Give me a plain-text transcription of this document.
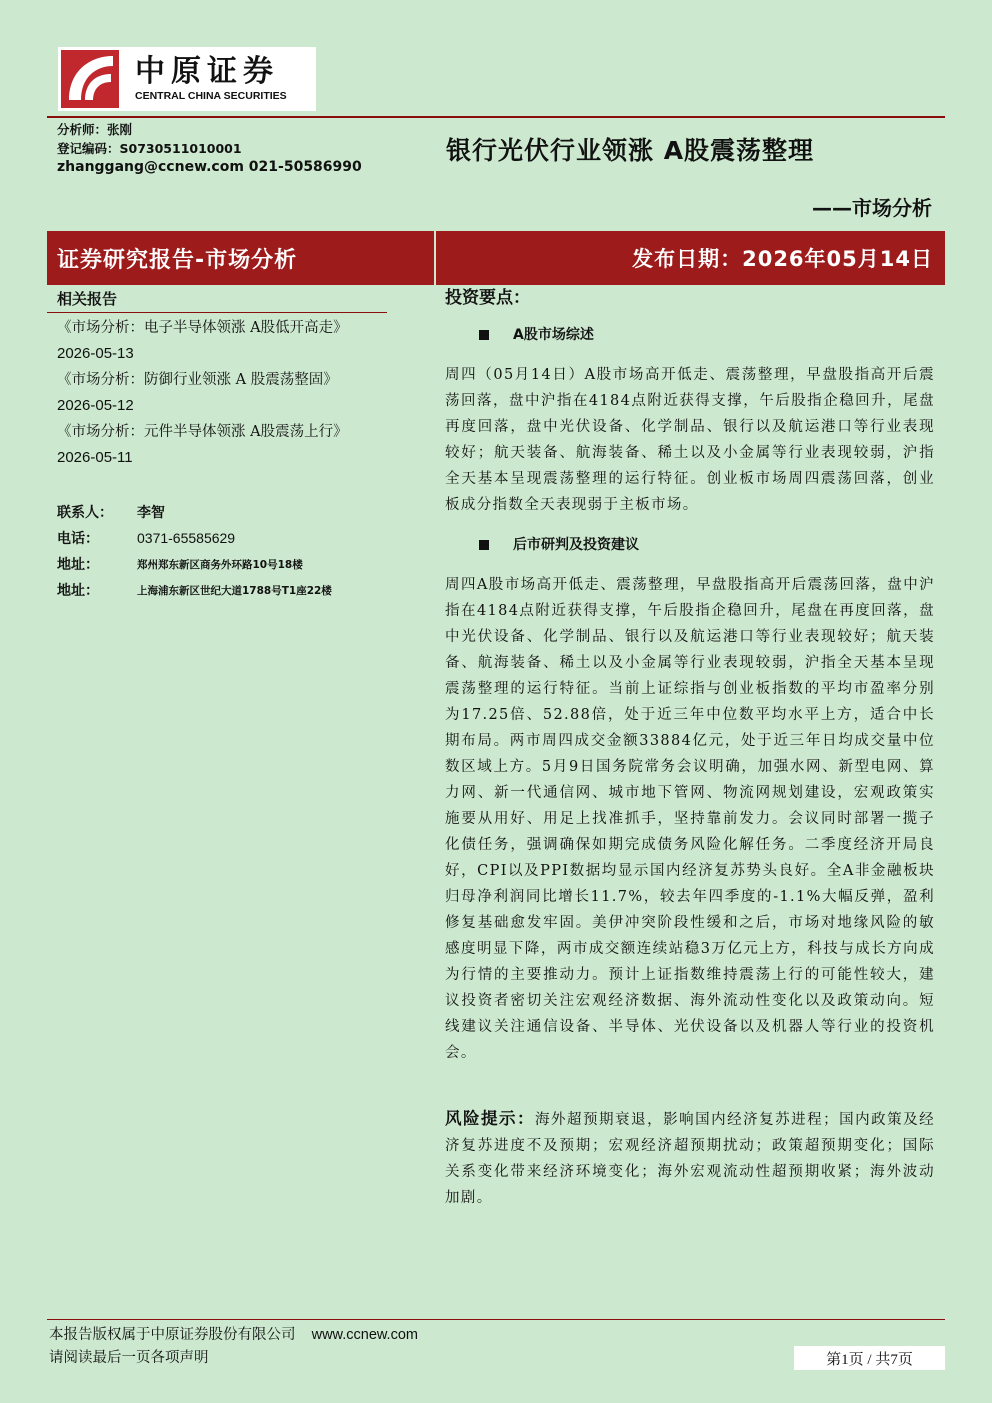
中原证券
CENTRAL CHINA SECURITIES
分析师：张刚
登记编码：S0730511010001
zhanggang@ccnew.com 021-50586990
银行光伏行业领涨 A股震荡整理
——市场分析
证券研究报告-市场分析	发布日期：2026年05月14日
相关报告
《市场分析：电子半导体领涨 A股低开高走》
2026-05-13
《市场分析：防御行业领涨 A 股震荡整固》
2026-05-12
《市场分析：元件半导体领涨 A股震荡上行》
2026-05-11
联系人：	李智
电话：	0371-65585629
地址：	郑州郑东新区商务外环路10号18楼
地址：	上海浦东新区世纪大道1788号T1座22楼
投资要点：
A股市场综述

周四（05月14日）A股市场高开低走、震荡整理，早盘股指高开后震荡回落，盘中沪指在4184点附近获得支撑，午后股指企稳回升，尾盘再度回落，盘中光伏设备、化学制品、银行以及航运港口等行业表现较好；航天装备、航海装备、稀土以及小金属等行业表现较弱，沪指全天基本呈现震荡整理的运行特征。创业板市场周四震荡回落，创业板成分指数全天表现弱于主板市场。

后市研判及投资建议

周四A股市场高开低走、震荡整理，早盘股指高开后震荡回落，盘中沪指在4184点附近获得支撑，午后股指企稳回升，尾盘在再度回落，盘中光伏设备、化学制品、银行以及航运港口等行业表现较好；航天装备、航海装备、稀土以及小金属等行业表现较弱，沪指全天基本呈现震荡整理的运行特征。当前上证综指与创业板指数的平均市盈率分别为17.25倍、52.88倍，处于近三年中位数平均水平上方，适合中长期布局。两市周四成交金额33884亿元，处于近三年日均成交量中位数区域上方。5月9日国务院常务会议明确，加强水网、新型电网、算力网、新一代通信网、城市地下管网、物流网规划建设，宏观政策实施要从用好、用足上找准抓手，坚持靠前发力。会议同时部署一揽子化债任务，强调确保如期完成债务风险化解任务。二季度经济开局良好，CPI以及PPI数据均显示国内经济复苏势头良好。全A非金融板块归母净利润同比增长11.7%，较去年四季度的-1.1%大幅反弹，盈利修复基础愈发牢固。美伊冲突阶段性缓和之后，市场对地缘风险的敏感度明显下降，两市成交额连续站稳3万亿元上方，科技与成长方向成为行情的主要推动力。预计上证指数维持震荡上行的可能性较大，建议投资者密切关注宏观经济数据、海外流动性变化以及政策动向。短线建议关注通信设备、半导体、光伏设备以及机器人等行业的投资机会。

风险提示：海外超预期衰退，影响国内经济复苏进程；国内政策及经济复苏进度不及预期；宏观经济超预期扰动；政策超预期变化；国际关系变化带来经济环境变化；海外宏观流动性超预期收紧；海外波动加剧。

本报告版权属于中原证券股份有限公司    www.ccnew.com
请阅读最后一页各项声明	第1页 / 共7页
